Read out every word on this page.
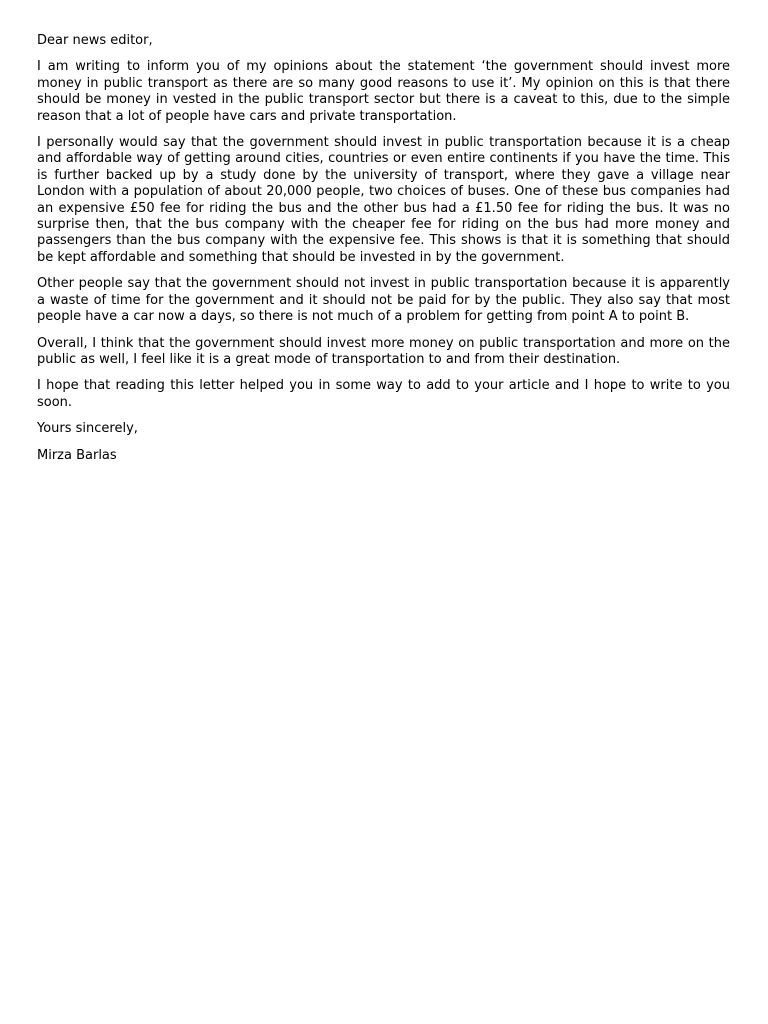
Dear news editor,

I am writing to inform you of my opinions about the statement ‘the government should invest more money in public transport as there are so many good reasons to use it’. My opinion on this is that there should be money in vested in the public transport sector but there is a caveat to this, due to the simple reason that a lot of people have cars and private transportation.

I personally would say that the government should invest in public transportation because it is a cheap and affordable way of getting around cities, countries or even entire continents if you have the time. This is further backed up by a study done by the university of transport, where they gave a village near London with a population of about 20,000 people, two choices of buses. One of these bus companies had an expensive £50 fee for riding the bus and the other bus had a £1.50 fee for riding the bus. It was no surprise then, that the bus company with the cheaper fee for riding on the bus had more money and passengers than the bus company with the expensive fee. This shows is that it is something that should be kept affordable and something that should be invested in by the government.

Other people say that the government should not invest in public transportation because it is apparently a waste of time for the government and it should not be paid for by the public. They also say that most people have a car now a days, so there is not much of a problem for getting from point A to point B.

Overall, I think that the government should invest more money on public transportation and more on the public as well, I feel like it is a great mode of transportation to and from their destination.

I hope that reading this letter helped you in some way to add to your article and I hope to write to you soon.

Yours sincerely,

Mirza Barlas
